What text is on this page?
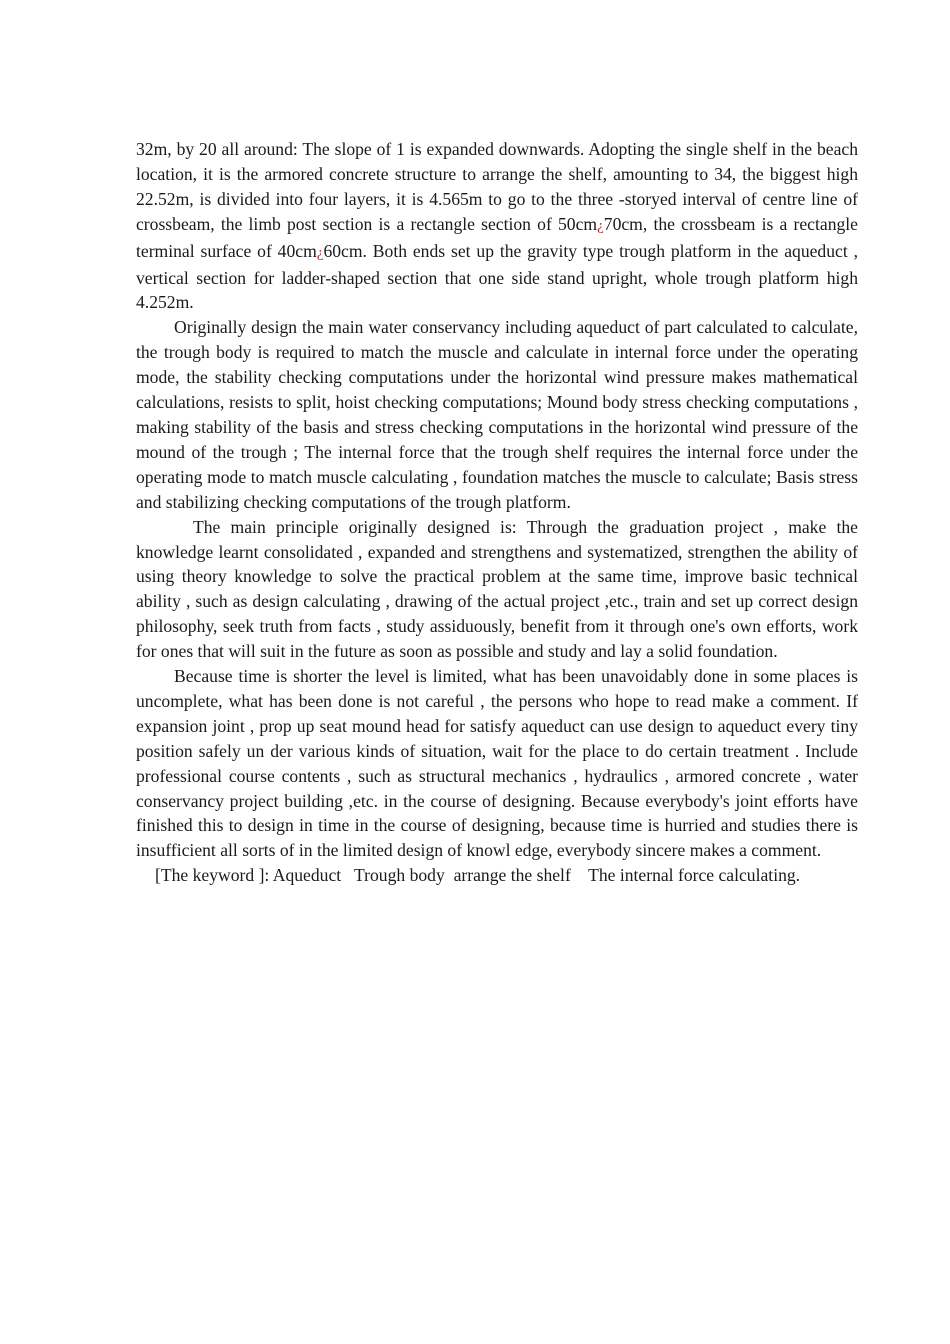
32m, by 20 all around: The slope of 1 is expanded downwards. Adopting the single shelf in the beach location, it is the armored concrete structure to arrange the shelf, amounting to 34, the biggest high 22.52m, is divided into four layers, it is 4.565m to go to the three -storyed interval of centre line of crossbeam, the limb post section is a rectangle section of 50cm¿70cm, the crossbeam is a rectangle terminal surface of 40cm¿60cm. Both ends set up the gravity type trough platform in the aqueduct , vertical section for ladder-shaped section that one side stand upright, whole trough platform high 4.252m.

Originally design the main water conservancy including aqueduct of part calculated to calculate, the trough body is required to match the muscle and calculate in internal force under the operating mode, the stability checking computations under the horizontal wind pressure makes mathematical calculations, resists to split, hoist checking computations; Mound body stress checking computations , making stability of the basis and stress checking computations in the horizontal wind pressure of the mound of the trough ; The internal force that the trough shelf requires the internal force under the operating mode to match muscle calculating , foundation matches the muscle to calculate; Basis stress and stabilizing checking computations of the trough platform.

The main principle originally designed is: Through the graduation project , make the knowledge learnt consolidated , expanded and strengthens and systematized, strengthen the ability of using theory knowledge to solve the practical problem at the same time, improve basic technical ability , such as design calculating , drawing of the actual project ,etc., train and set up correct design philosophy, seek truth from facts , study assiduously, benefit from it through one's own efforts, work for ones that will suit in the future as soon as possible and study and lay a solid foundation.

Because time is shorter the level is limited, what has been unavoidably done in some places is uncomplete, what has been done is not careful , the persons who hope to read make a comment. If expansion joint , prop up seat mound head for satisfy aqueduct can use design to aqueduct every tiny position safely un der various kinds of situation, wait for the place to do certain treatment . Include professional course contents , such as structural mechanics , hydraulics , armored concrete , water conservancy project building ,etc. in the course of designing. Because everybody's joint efforts have finished this to design in time in the course of designing, because time is hurried and studies there is insufficient all sorts of in the limited design of knowl edge, everybody sincere makes a comment.

[The keyword ]: Aqueduct   Trough body  arrange the shelf    The internal force calculating.
